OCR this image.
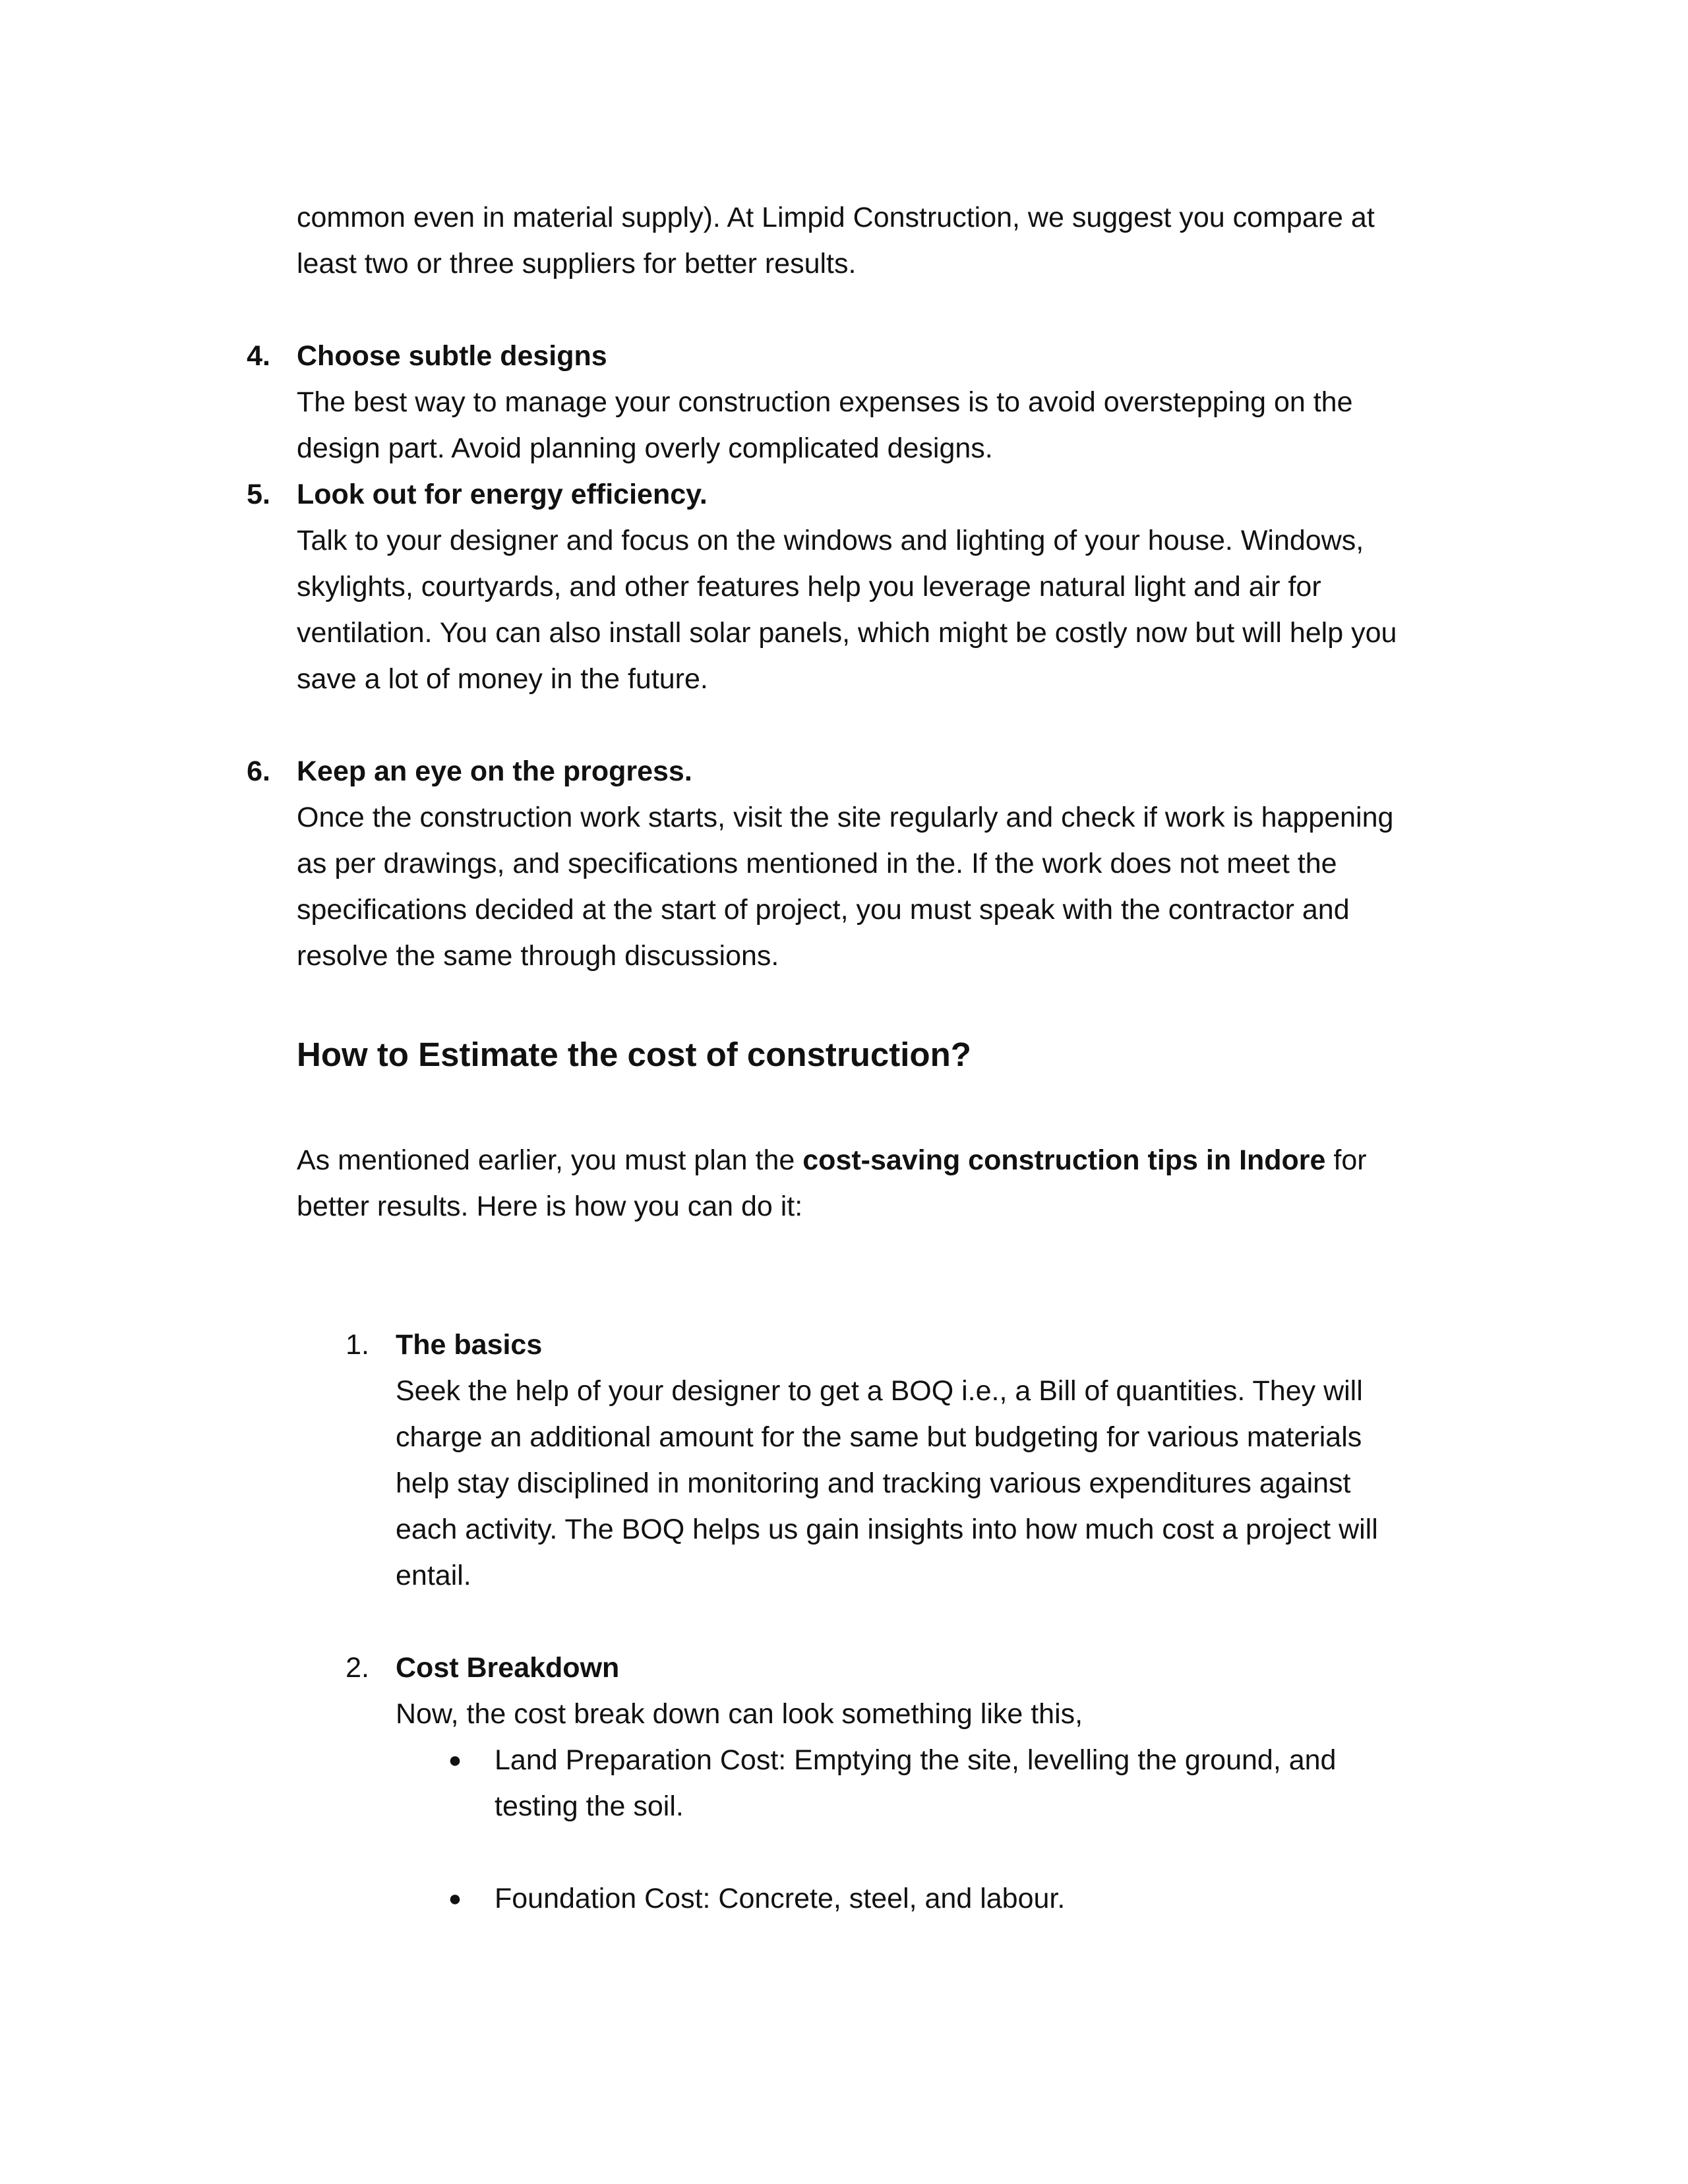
common even in material supply). At Limpid Construction, we suggest you compare at
least two or three suppliers for better results.

4. Choose subtle designs

The best way to manage your construction expenses is to avoid overstepping on the
design part. Avoid planning overly complicated designs.

5. Look out for energy efficiency.

Talk to your designer and focus on the windows and lighting of your house. Windows,
skylights, courtyards, and other features help you leverage natural light and air for
ventilation. You can also install solar panels, which might be costly now but will help you
save a lot of money in the future.

6. Keep an eye on the progress.

Once the construction work starts, visit the site regularly and check if work is happening
as per drawings, and specifications mentioned in the. If the work does not meet the
specifications decided at the start of project, you must speak with the contractor and
resolve the same through discussions.

How to Estimate the cost of construction?

As mentioned earlier, you must plan the cost-saving construction tips in Indore for
better results. Here is how you can do it:

1. The basics

Seek the help of your designer to get a BOQ i.e., a Bill of quantities. They will
charge an additional amount for the same but budgeting for various materials
help stay disciplined in monitoring and tracking various expenditures against
each activity. The BOQ helps us gain insights into how much cost a project will
entail.

2. Cost Breakdown

Now, the cost break down can look something like this,

● Land Preparation Cost: Emptying the site, levelling the ground, and
testing the soil.

● Foundation Cost: Concrete, steel, and labour.
